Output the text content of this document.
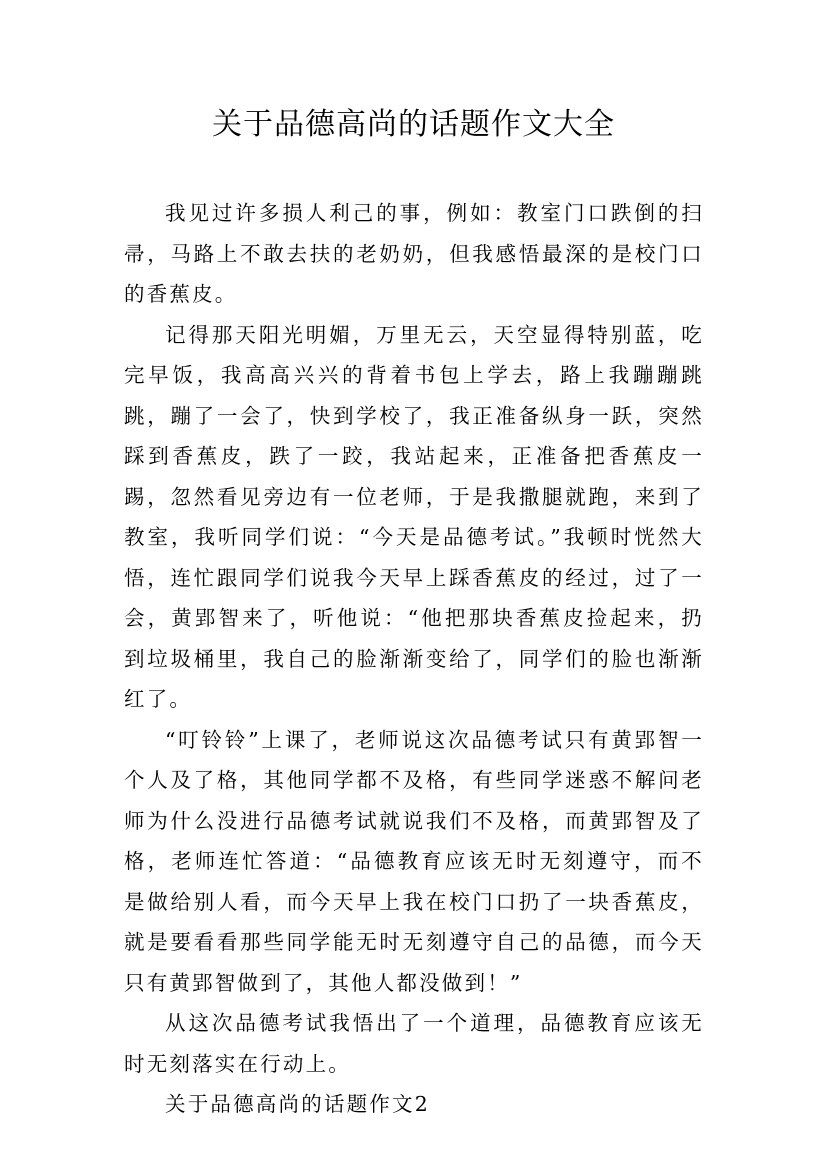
关于品德高尚的话题作文大全

我见过许多损人利己的事，例如：教室门口跌倒的扫帚，马路上不敢去扶的老奶奶，但我感悟最深的是校门口的香蕉皮。

记得那天阳光明媚，万里无云，天空显得特别蓝，吃完早饭，我高高兴兴的背着书包上学去，路上我蹦蹦跳跳，蹦了一会了，快到学校了，我正准备纵身一跃，突然踩到香蕉皮，跌了一跤，我站起来，正准备把香蕉皮一踢，忽然看见旁边有一位老师，于是我撒腿就跑，来到了教室，我听同学们说：“今天是品德考试。”我顿时恍然大悟，连忙跟同学们说我今天早上踩香蕉皮的经过，过了一会，黄郢智来了，听他说：“他把那块香蕉皮捡起来，扔到垃圾桶里，我自己的脸渐渐变给了，同学们的脸也渐渐红了。

“叮铃铃”上课了，老师说这次品德考试只有黄郢智一个人及了格，其他同学都不及格，有些同学迷惑不解问老师为什么没进行品德考试就说我们不及格，而黄郢智及了格，老师连忙答道：“品德教育应该无时无刻遵守，而不是做给别人看，而今天早上我在校门口扔了一块香蕉皮，就是要看看那些同学能无时无刻遵守自己的品德，而今天只有黄郢智做到了，其他人都没做到！”

从这次品德考试我悟出了一个道理，品德教育应该无时无刻落实在行动上。

关于品德高尚的话题作文2
